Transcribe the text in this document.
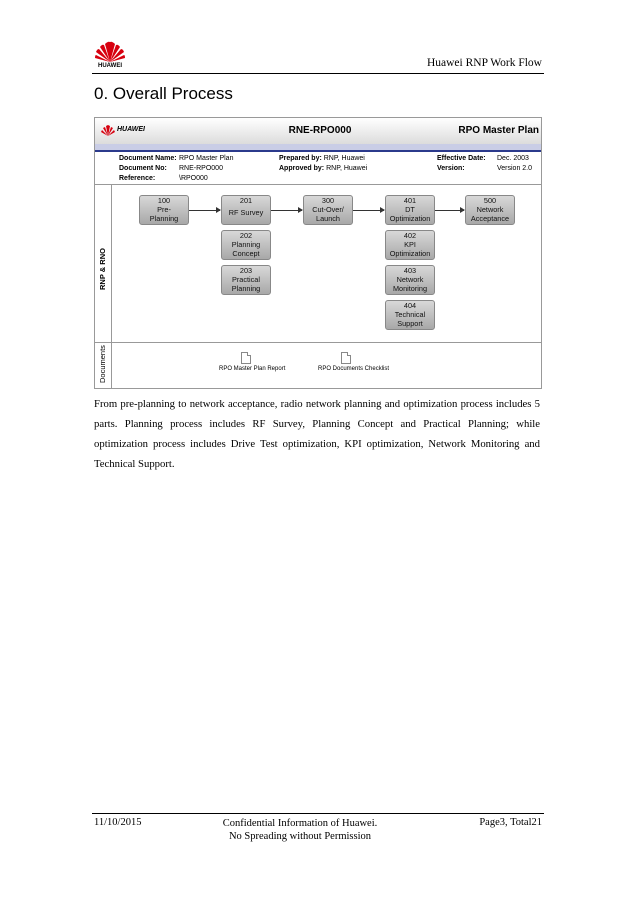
HUAWEI	Huawei RNP Work Flow
0. Overall Process
HUAWEI	RNE-RPO000	RPO Master Plan
Document Name: RPO Master Plan
Document No: RNE-RPO000
Reference:	\RPO000
Prepared by: RNP, Huawei
Approved by: RNP, Huawei
Effective Date: Dec. 2003
Version:	Version 2.0
RNP & RNO
Documents
100
Pre-
Planning
201
RF Survey
202
Planning
Concept
203
Practical
Planning
300
Cut-Over/
Launch
401
DT
Optimization
402
KPI
Optimization
403
Network
Monitoring
404
Technical
Support
500
Network
Acceptance
RPO Master Plan Report	RPO Documents Checklist
From pre-planning to network acceptance, radio network planning and optimization process includes 5 parts. Planning process includes RF Survey, Planning Concept and Practical Planning; while optimization process includes Drive Test optimization, KPI optimization, Network Monitoring and Technical Support.
11/10/2015	Confidential Information of Huawei.
No Spreading without Permission
Page3, Total21
